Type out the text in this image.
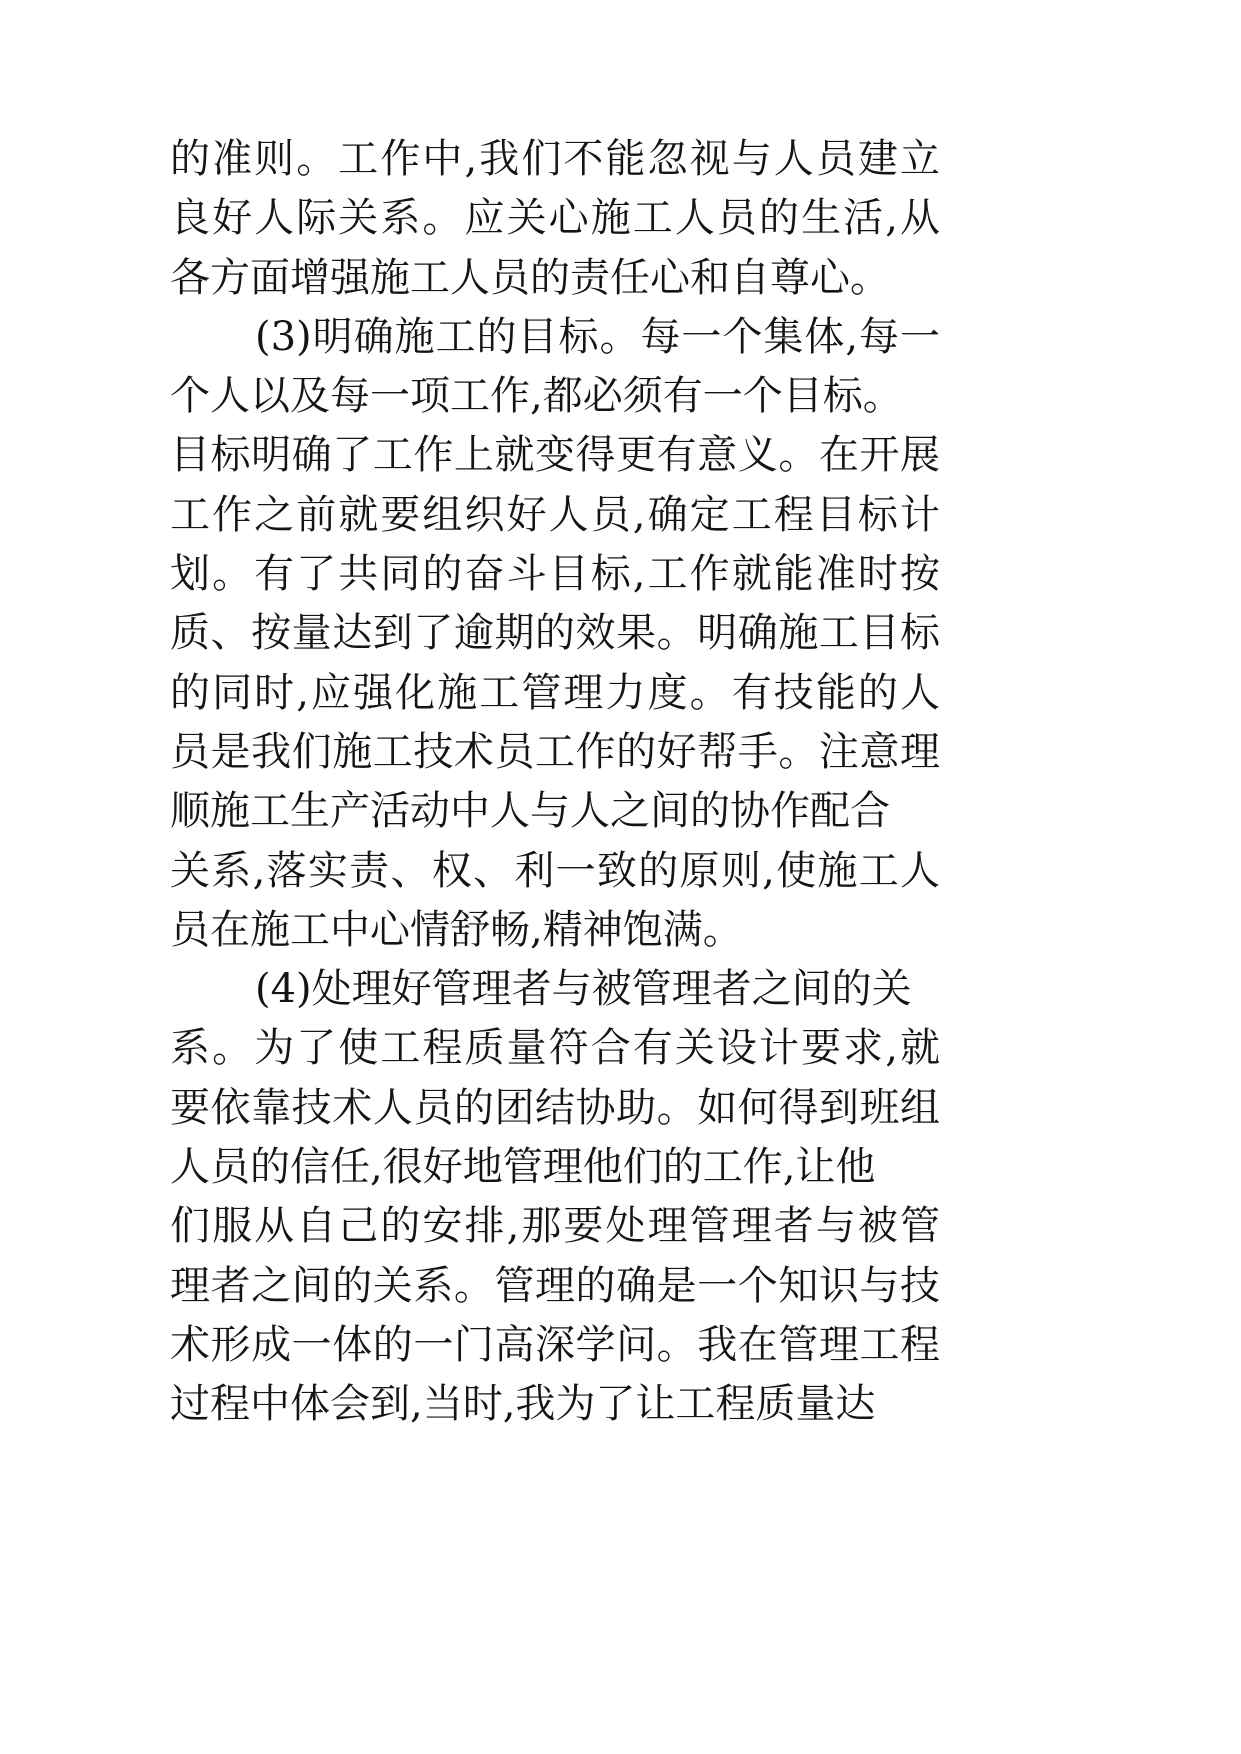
的准则。工作中,我们不能忽视与人员建立
良好人际关系。应关心施工人员的生活,从
各方面增强施工人员的责任心和自尊心。
(3)明确施工的目标。每一个集体,每一
个人以及每一项工作,都必须有一个目标。
目标明确了工作上就变得更有意义。在开展
工作之前就要组织好人员,确定工程目标计
划。有了共同的奋斗目标,工作就能准时按
质、按量达到了逾期的效果。明确施工目标
的同时,应强化施工管理力度。有技能的人
员是我们施工技术员工作的好帮手。注意理
顺施工生产活动中人与人之间的协作配合
关系,落实责、权、利一致的原则,使施工人
员在施工中心情舒畅,精神饱满。
(4)处理好管理者与被管理者之间的关
系。为了使工程质量符合有关设计要求,就
要依靠技术人员的团结协助。如何得到班组
人员的信任,很好地管理他们的工作,让他
们服从自己的安排,那要处理管理者与被管
理者之间的关系。管理的确是一个知识与技
术形成一体的一门高深学问。我在管理工程
过程中体会到,当时,我为了让工程质量达
